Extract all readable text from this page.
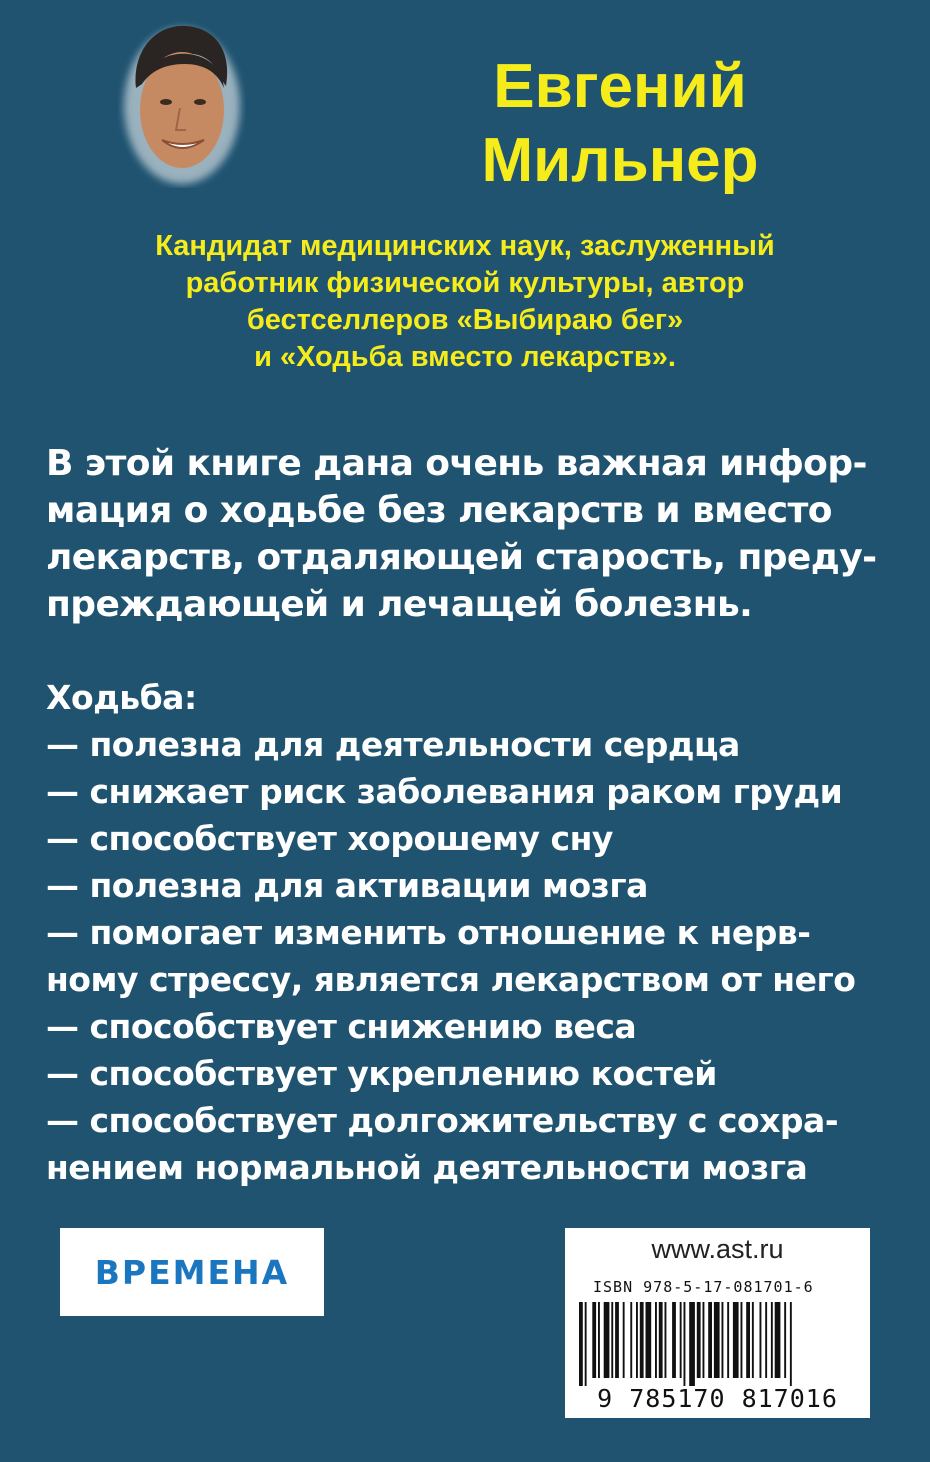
Евгений
Мильнер
Кандидат медицинских наук, заслуженный
работник физической культуры, автор
бестселлеров «Выбираю бег»
и «Ходьба вместо лекарств».
В этой книге дана очень важная инфор-
мация о ходьбе без лекарств и вместо
лекарств, отдаляющей старость, преду-
преждающей и лечащей болезнь.
Ходьба:
— полезна для деятельности сердца
— снижает риск заболевания раком груди
— способствует хорошему сну
— полезна для активации мозга
— помогает изменить отношение к нерв-
ному стрессу, является лекарством от него
— способствует снижению веса
— способствует укреплению костей
— способствует долгожительству с сохра-
нением нормальной деятельности мозга
ВРЕМЕНА
www.ast.ru
ISBN 978-5-17-081701-6
9 785170 817016
